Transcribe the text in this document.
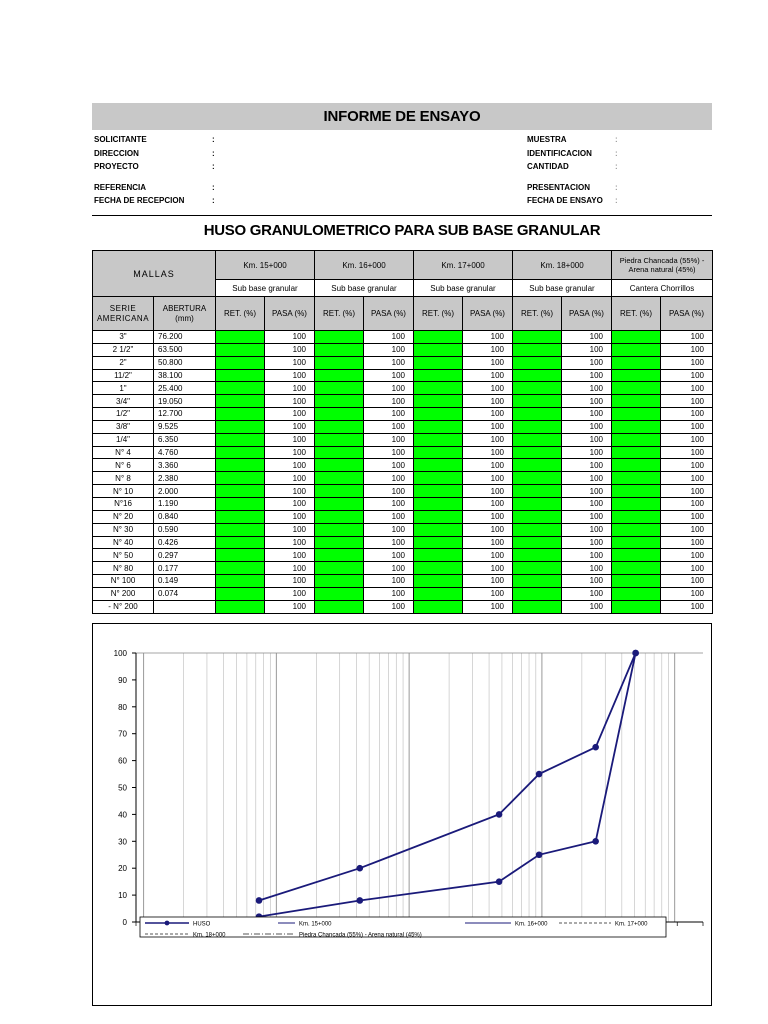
INFORME DE ENSAYO
SOLICITANTE	:
DIRECCION	:
PROYECTO	:
REFERENCIA	:
FECHA DE RECEPCION	:
MUESTRA	:
IDENTIFICACION	:
CANTIDAD	:
PRESENTACION	:
FECHA DE ENSAYO	:
HUSO GRANULOMETRICO PARA SUB BASE GRANULAR
MALLAS		Km. 15+000		Km. 16+000		Km. 17+000		Km. 18+000		Piedra Chancada (55%) - Arena natural (45%)	
		Sub base granular		Sub base granular		Sub base granular		Sub base granular		Cantera Chorrillos	
SERIE AMERICANA	ABERTURA (mm)	RET. (%)	PASA (%)	RET. (%)	PASA (%)	RET. (%)	PASA (%)	RET. (%)	PASA (%)	RET. (%)	PASA (%)
3"	76.200		100		100		100		100		100
2 1/2"	63.500		100		100		100		100		100
2"	50.800		100		100		100		100		100
11/2"	38.100		100		100		100		100		100
1"	25.400		100		100		100		100		100
3/4"	19.050		100		100		100		100		100
1/2"	12.700		100		100		100		100		100
3/8"	9.525		100		100		100		100		100
1/4"	6.350		100		100		100		100		100
N° 4	4.760		100		100		100		100		100
N° 6	3.360		100		100		100		100		100
N° 8	2.380		100		100		100		100		100
N° 10	2.000		100		100		100		100		100
N°16	1.190		100		100		100		100		100
N° 20	0.840		100		100		100		100		100
N° 30	0.590		100		100		100		100		100
N° 40	0.426		100		100		100		100		100
N° 50	0.297		100		100		100		100		100
N° 80	0.177		100		100		100		100		100
N° 100	0.149		100		100		100		100		100
N° 200	0.074		100		100		100		100		100
- N° 200			100		100		100		100		100
100
90
80
70
60
50
40
30
20
10
0	HUSO	Km. 15+000	Km. 16+000	Km. 17+000
Km. 18+000	Piedra Chancada (55%) - Arena natural (45%)
